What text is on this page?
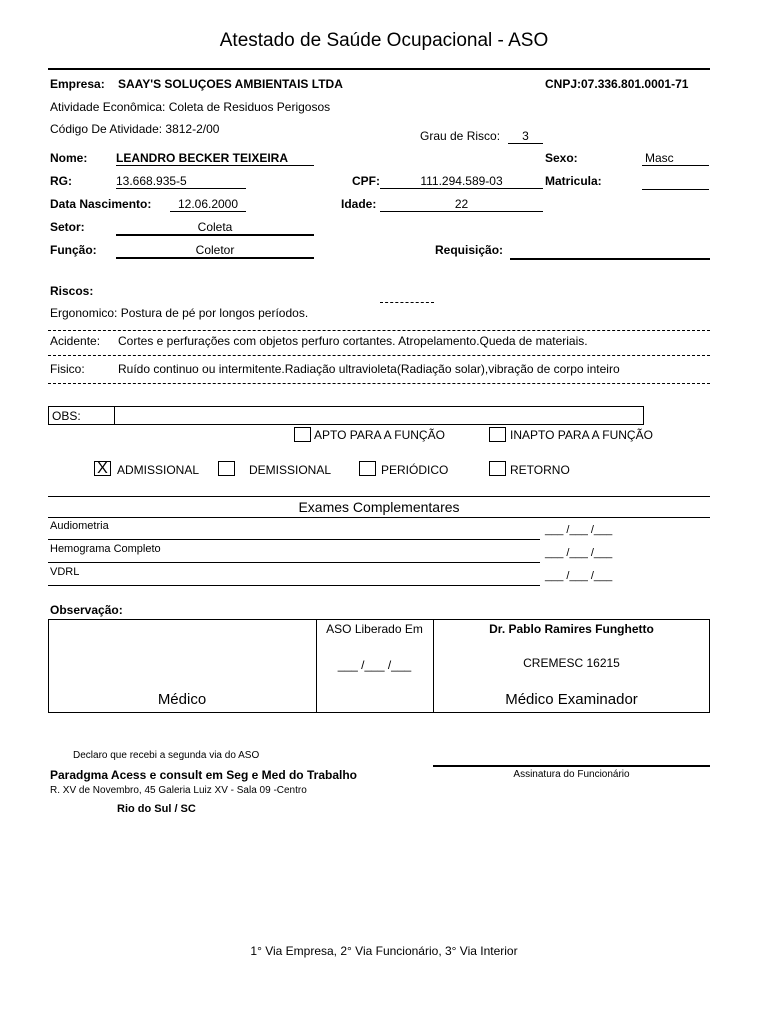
Atestado de Saúde Ocupacional - ASO
Empresa: SAAY'S SOLUÇOES AMBIENTAIS LTDA	CNPJ:07.336.801.0001-71
Atividade Econômica: Coleta de Residuos Perigosos
Código De Atividade: 3812-2/00	Grau de Risco:	3
Nome: LEANDRO BECKER TEIXEIRA	Sexo:	Masc
RG:	13.668.935-5	CPF:	111.294.589-03	Matricula:
Data Nascimento:	12.06.2000	Idade:	22
Setor:	Coleta
Função:	Coletor	Requisição:
Riscos:
Ergonomico: Postura de pé por longos períodos.
Acidente: Cortes e perfurações com objetos perfuro cortantes. Atropelamento.Queda de materiais.
Fisico:	Ruído continuo ou intermitente.Radiação ultravioleta(Radiação solar),vibração de corpo inteiro
OBS:
APTO PARA A FUNÇÃO	INAPTO PARA A FUNÇÃO
X ADMISSIONAL	DEMISSIONAL	PERIÓDICO	RETORNO
Exames Complementares
Audiometria	___ /___ /___
Hemograma Completo	___ /___ /___
VDRL	___ /___ /___
Observação:
Médico
ASO Liberado Em
___ /___ /___
Dr. Pablo Ramires Funghetto
CREMESC 16215
Médico Examinador
Declaro que recebi a segunda via do ASO
Paradgma Acess e consult em Seg e Med do Trabalho
R. XV de Novembro, 45 Galeria Luiz XV - Sala 09 -Centro
Rio do Sul / SC
Assinatura do Funcionário
1° Via Empresa, 2° Via Funcionário, 3° Via Interior
